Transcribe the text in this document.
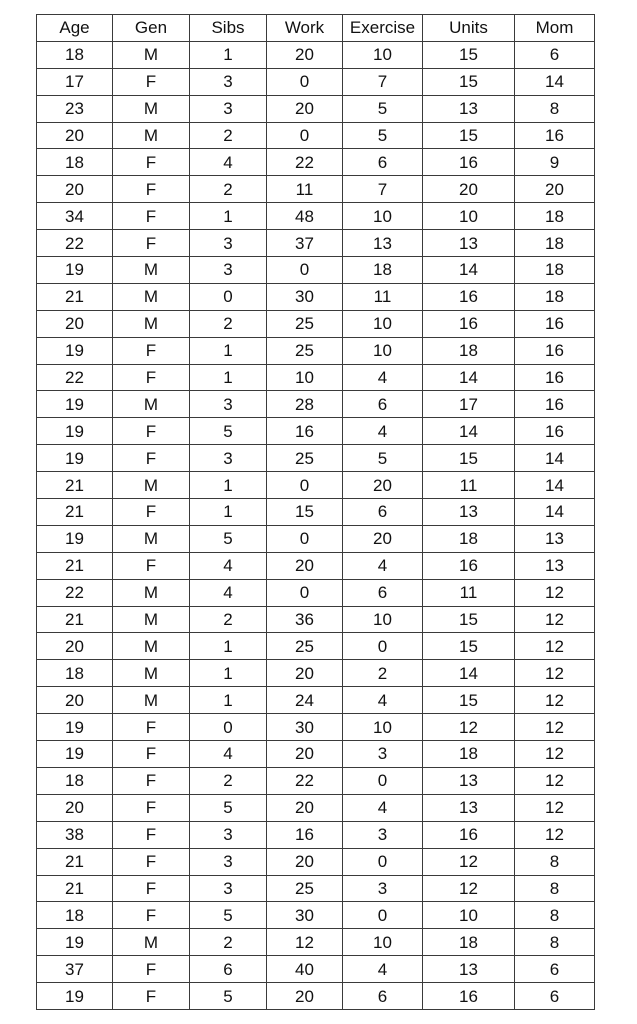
Age	Gen	Sibs	Work	Exercise	Units	Mom
18	M	1	20	10	15	6
17	F	3	0	7	15	14
23	M	3	20	5	13	8
20	M	2	0	5	15	16
18	F	4	22	6	16	9
20	F	2	11	7	20	20
34	F	1	48	10	10	18
22	F	3	37	13	13	18
19	M	3	0	18	14	18
21	M	0	30	11	16	18
20	M	2	25	10	16	16
19	F	1	25	10	18	16
22	F	1	10	4	14	16
19	M	3	28	6	17	16
19	F	5	16	4	14	16
19	F	3	25	5	15	14
21	M	1	0	20	11	14
21	F	1	15	6	13	14
19	M	5	0	20	18	13
21	F	4	20	4	16	13
22	M	4	0	6	11	12
21	M	2	36	10	15	12
20	M	1	25	0	15	12
18	M	1	20	2	14	12
20	M	1	24	4	15	12
19	F	0	30	10	12	12
19	F	4	20	3	18	12
18	F	2	22	0	13	12
20	F	5	20	4	13	12
38	F	3	16	3	16	12
21	F	3	20	0	12	8
21	F	3	25	3	12	8
18	F	5	30	0	10	8
19	M	2	12	10	18	8
37	F	6	40	4	13	6
19	F	5	20	6	16	6
